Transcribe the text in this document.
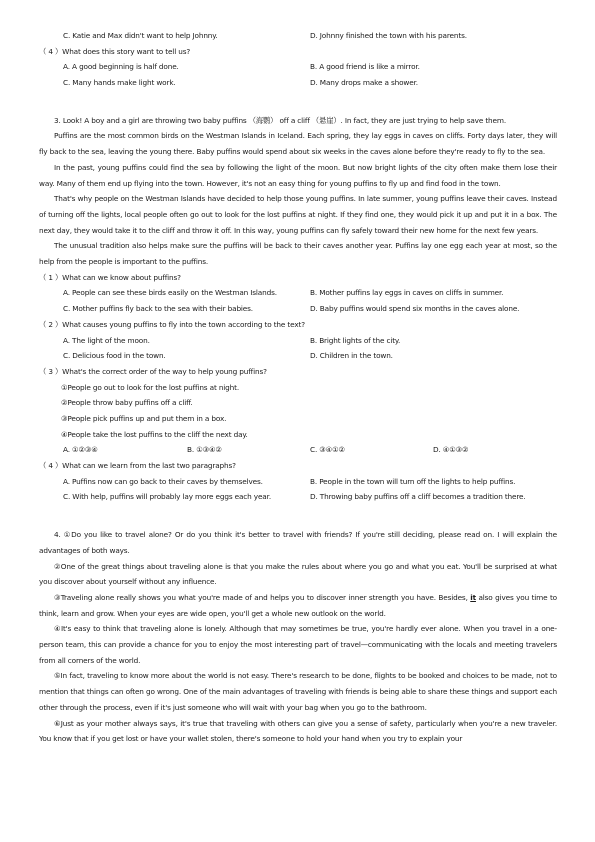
C. Katie and Max didn't want to help Johnny.	D. Johnny finished the town with his parents.
（ 4 ）What does this story want to tell us?
A. A good beginning is half done.	B. A good friend is like a mirror.
C. Many hands make light work.	D. Many drops make a shower.

3. Look! A boy and a girl are throwing two baby puffins （海鹦） off a cliff （悬崖）. In fact, they are just trying to help save them.

Puffins are the most common birds on the Westman Islands in Iceland. Each spring, they lay eggs in caves on cliffs. Forty days later, they will fly back to the sea, leaving the young there. Baby puffins would spend about six weeks in the caves alone before they're ready to fly to the sea.

In the past, young puffins could find the sea by following the light of the moon. But now bright lights of the city often make them lose their way. Many of them end up flying into the town. However, it's not an easy thing for young puffins to fly up and find food in the town.

That's why people on the Westman Islands have decided to help those young puffins. In late summer, young puffins leave their caves. Instead of turning off the lights, local people often go out to look for the lost puffins at night. If they find one, they would pick it up and put it in a box. The next day, they would take it to the cliff and throw it off. In this way, young puffins can fly safely toward their new home for the next few years.

The unusual tradition also helps make sure the puffins will be back to their caves another year. Puffins lay one egg each year at most, so the help from the people is important to the puffins.

（ 1 ）What can we know about puffins?
A. People can see these birds easily on the Westman Islands.	B. Mother puffins lay eggs in caves on cliffs in summer.
C. Mother puffins fly back to the sea with their babies.	D. Baby puffins would spend six months in the caves alone.
（ 2 ）What causes young puffins to fly into the town according to the text?
A. The light of the moon.	B. Bright lights of the city.
C. Delicious food in the town.	D. Children in the town.
（ 3 ）What's the correct order of the way to help young puffins?
①People go out to look for the lost puffins at night.
②People throw baby puffins off a cliff.
③People pick puffins up and put them in a box.
④People take the lost puffins to the cliff the next day.
A. ①②③④	B. ①③④②	C. ③④①②	D. ④①③②
（ 4 ）What can we learn from the last two paragraphs?
A. Puffins now can go back to their caves by themselves.	B. People in the town will turn off the lights to help puffins.
C. With help, puffins will probably lay more eggs each year.	D. Throwing baby puffins off a cliff becomes a tradition there.

4. ①Do you like to travel alone? Or do you think it's better to travel with friends? If you're still deciding, please read on. I will explain the advantages of both ways.

②One of the great things about traveling alone is that you make the rules about where you go and what you eat. You'll be surprised at what you discover about yourself without any influence.

③Traveling alone really shows you what you're made of and helps you to discover inner strength you have. Besides, it also gives you time to think, learn and grow. When your eyes are wide open, you'll get a whole new outlook on the world.

④It's easy to think that traveling alone is lonely. Although that may sometimes be true, you're hardly ever alone. When you travel in a one-person team, this can provide a chance for you to enjoy the most interesting part of travel—communicating with the locals and meeting travelers from all corners of the world.

⑤In fact, traveling to know more about the world is not easy. There's research to be done, flights to be booked and choices to be made, not to mention that things can often go wrong. One of the main advantages of traveling with friends is being able to share these things and support each other through the process, even if it's just someone who will wait with your bag when you go to the bathroom.

⑥Just as your mother always says, it's true that traveling with others can give you a sense of safety, particularly when you're a new traveler. You know that if you get lost or have your wallet stolen, there's someone to hold your hand when you try to explain your
